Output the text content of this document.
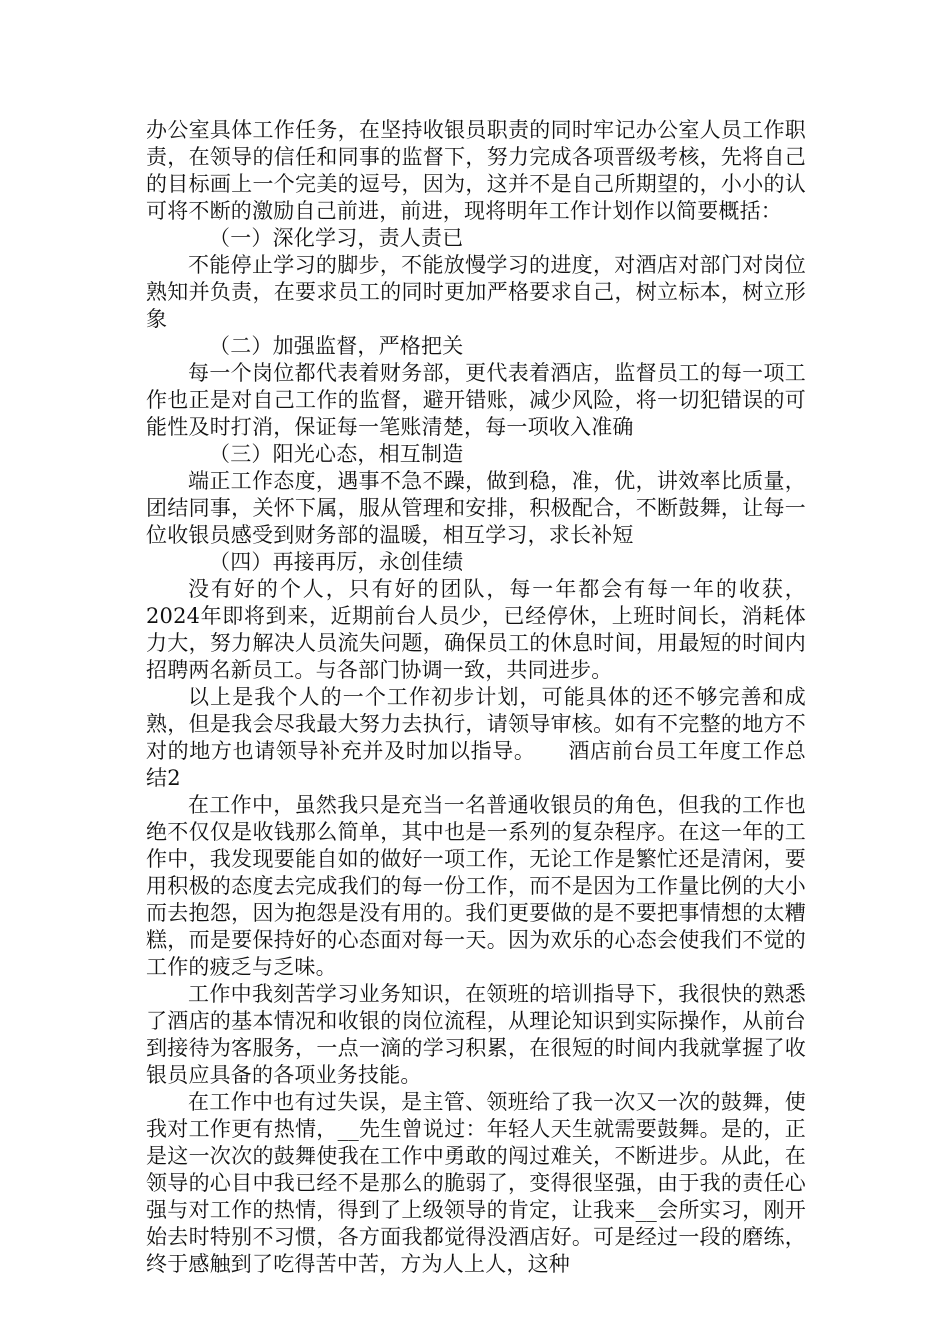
办公室具体工作任务，在坚持收银员职责的同时牢记办公室人员工作职责，在领导的信任和同事的监督下，努力完成各项晋级考核，先将自己的目标画上一个完美的逗号，因为，这并不是自己所期望的，小小的认可将不断的激励自己前进，前进，现将明年工作计划作以简要概括：

（一）深化学习，责人责已

不能停止学习的脚步，不能放慢学习的进度，对酒店对部门对岗位熟知并负责，在要求员工的同时更加严格要求自己，树立标本，树立形象

（二）加强监督，严格把关

每一个岗位都代表着财务部，更代表着酒店，监督员工的每一项工作也正是对自己工作的监督，避开错账，减少风险，将一切犯错误的可能性及时打消，保证每一笔账清楚，每一项收入准确

（三）阳光心态，相互制造

端正工作态度，遇事不急不躁，做到稳，准，优，讲效率比质量，团结同事，关怀下属，服从管理和安排，积极配合，不断鼓舞，让每一位收银员感受到财务部的温暖，相互学习，求长补短

（四）再接再厉，永创佳绩

没有好的个人，只有好的团队，每一年都会有每一年的收获，2024年即将到来，近期前台人员少，已经停休，上班时间长，消耗体力大，努力解决人员流失问题，确保员工的休息时间，用最短的时间内招聘两名新员工。与各部门协调一致，共同进步。

以上是我个人的一个工作初步计划，可能具体的还不够完善和成熟，但是我会尽我最大努力去执行，请领导审核。如有不完整的地方不对的地方也请领导补充并及时加以指导。　　酒店前台员工年度工作总结2

在工作中，虽然我只是充当一名普通收银员的角色，但我的工作也绝不仅仅是收钱那么简单，其中也是一系列的复杂程序。在这一年的工作中，我发现要能自如的做好一项工作，无论工作是繁忙还是清闲，要用积极的态度去完成我们的每一份工作，而不是因为工作量比例的大小而去抱怨，因为抱怨是没有用的。我们更要做的是不要把事情想的太糟糕，而是要保持好的心态面对每一天。因为欢乐的心态会使我们不觉的工作的疲乏与乏味。

工作中我刻苦学习业务知识，在领班的培训指导下，我很快的熟悉了酒店的基本情况和收银的岗位流程，从理论知识到实际操作，从前台到接待为客服务，一点一滴的学习积累，在很短的时间内我就掌握了收银员应具备的各项业务技能。

在工作中也有过失误，是主管、领班给了我一次又一次的鼓舞，使我对工作更有热情，__先生曾说过：年轻人天生就需要鼓舞。是的，正是这一次次的鼓舞使我在工作中勇敢的闯过难关，不断进步。从此，在领导的心目中我已经不是那么的脆弱了，变得很坚强，由于我的责任心强与对工作的热情，得到了上级领导的肯定，让我来__会所实习，刚开始去时特别不习惯，各方面我都觉得没酒店好。可是经过一段的磨练，终于感触到了吃得苦中苦，方为人上人，这种
